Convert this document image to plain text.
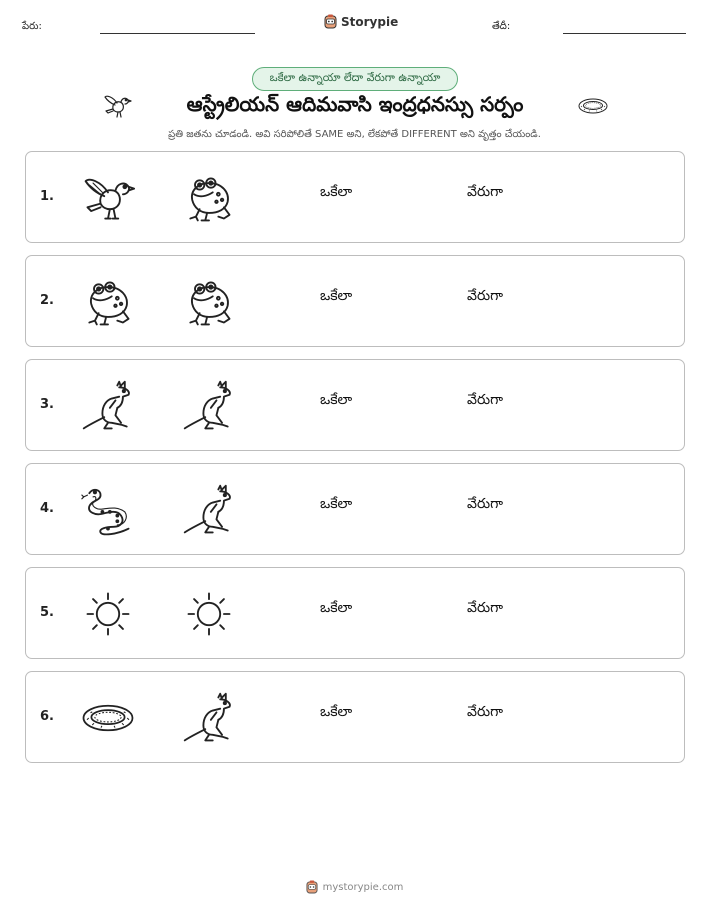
పేరు:	Storypie	తేదీ:
ఒకేలా ఉన్నాయా లేదా వేరుగా ఉన్నాయా
ఆస్ట్రేలియన్ ఆదిమవాసి ఇంద్రధనస్సు సర్పం
ప్రతి జతను చూడండి. అవి సరిపోలితే SAME అని, లేకపోతే DIFFERENT అని వృత్తం చేయండి.
1.	ఒకేలా	వేరుగా
2.	ఒకేలా	వేరుగా
3.	ఒకేలా	వేరుగా
4.	ఒకేలా	వేరుగా
5.	ఒకేలా	వేరుగా
6.	ఒకేలా	వేరుగా
mystorypie.com
